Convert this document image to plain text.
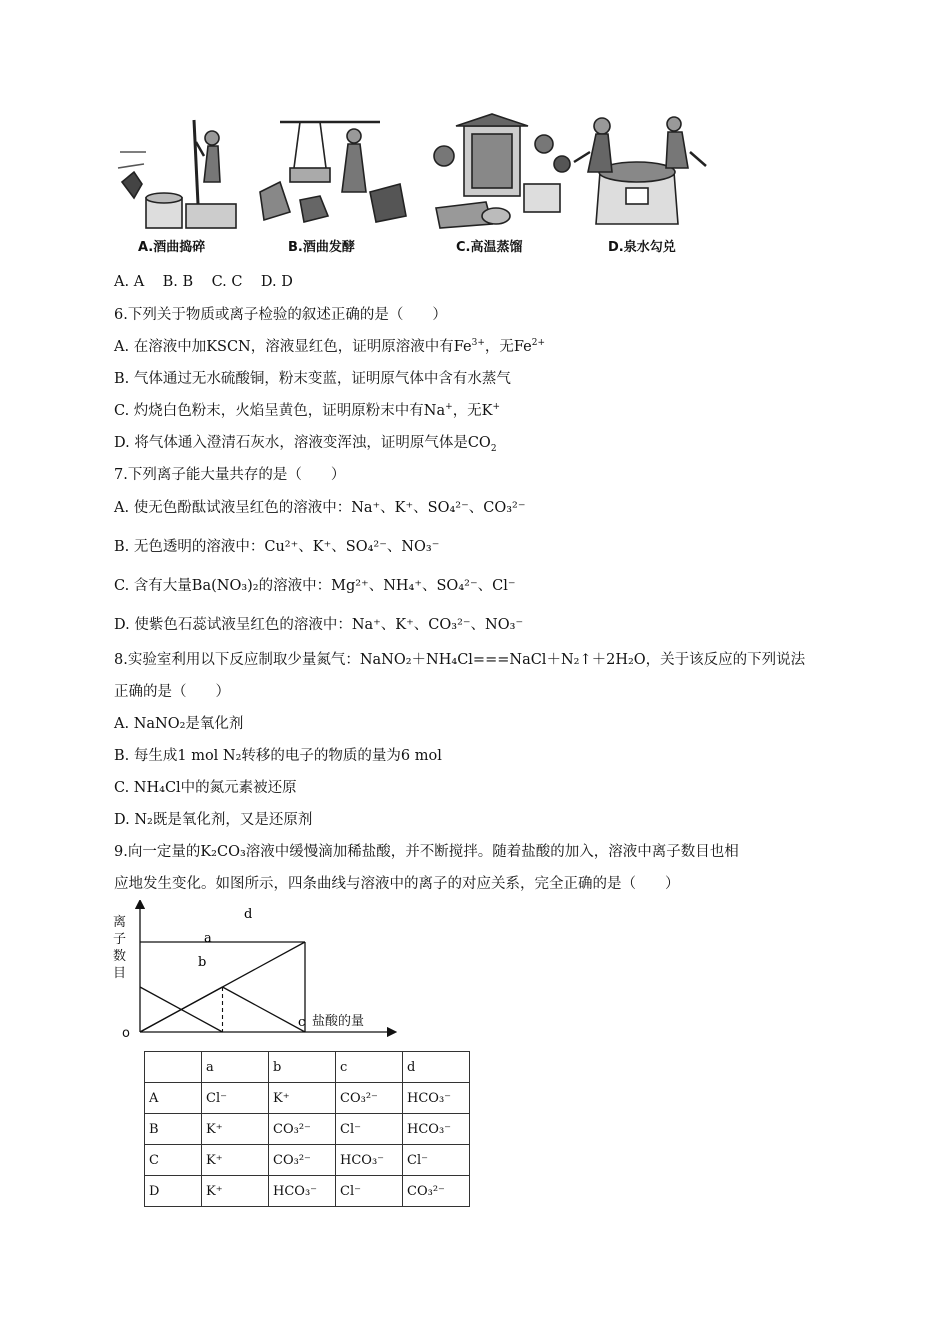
A.酒曲捣碎	B.酒曲发酵	C.高温蒸馏	D.泉水勾兑
A. A    B. B    C. C    D. D
6.下列关于物质或离子检验的叙述正确的是（　　）
A. 在溶液中加KSCN，溶液显红色，证明原溶液中有$Fe^{3+}$，无$Fe^{2+}$
B. 气体通过无水硫酸铜，粉末变蓝，证明原气体中含有水蒸气
C. 灼烧白色粉末，火焰呈黄色，证明原粉末中有Na+，无K+
D. 将气体通入澄清石灰水，溶液变浑浊，证明原气体是$CO_2$
7.下列离子能大量共存的是（　　）
A. 使无色酚酞试液呈红色的溶液中：Na⁺、K⁺、SO₄²⁻、CO₃²⁻
B. 无色透明的溶液中：Cu²⁺、K⁺、SO₄²⁻、NO₃⁻
C. 含有大量Ba(NO₃)₂的溶液中：Mg²⁺、NH₄⁺、SO₄²⁻、Cl⁻
D. 使紫色石蕊试液呈红色的溶液中：Na⁺、K⁺、CO₃²⁻、NO₃⁻
8.实验室利用以下反应制取少量氮气：NaNO₂＋NH₄Cl===NaCl＋N₂↑＋2H₂O，关于该反应的下列说法
正确的是（　　）
A. NaNO₂是氧化剂
B. 每生成1 mol N₂转移的电子的物质的量为6 mol
C. NH₄Cl中的氮元素被还原
D. N₂既是氧化剂，又是还原剂
9.向一定量的K₂CO₃溶液中缓慢滴加稀盐酸，并不断搅拌。随着盐酸的加入，溶液中离子数目也相
应地发生变化。如图所示，四条曲线与溶液中的离子的对应关系，完全正确的是（　　）
a
b
c
d
离子数目
盐酸的量
o
	a	b	c	d
A	Cl⁻	K⁺	CO₃²⁻	HCO₃⁻
B	K⁺	CO₃²⁻	Cl⁻	HCO₃⁻
C	K⁺	CO₃²⁻	HCO₃⁻	Cl⁻
D	K⁺	HCO₃⁻	Cl⁻	CO₃²⁻
